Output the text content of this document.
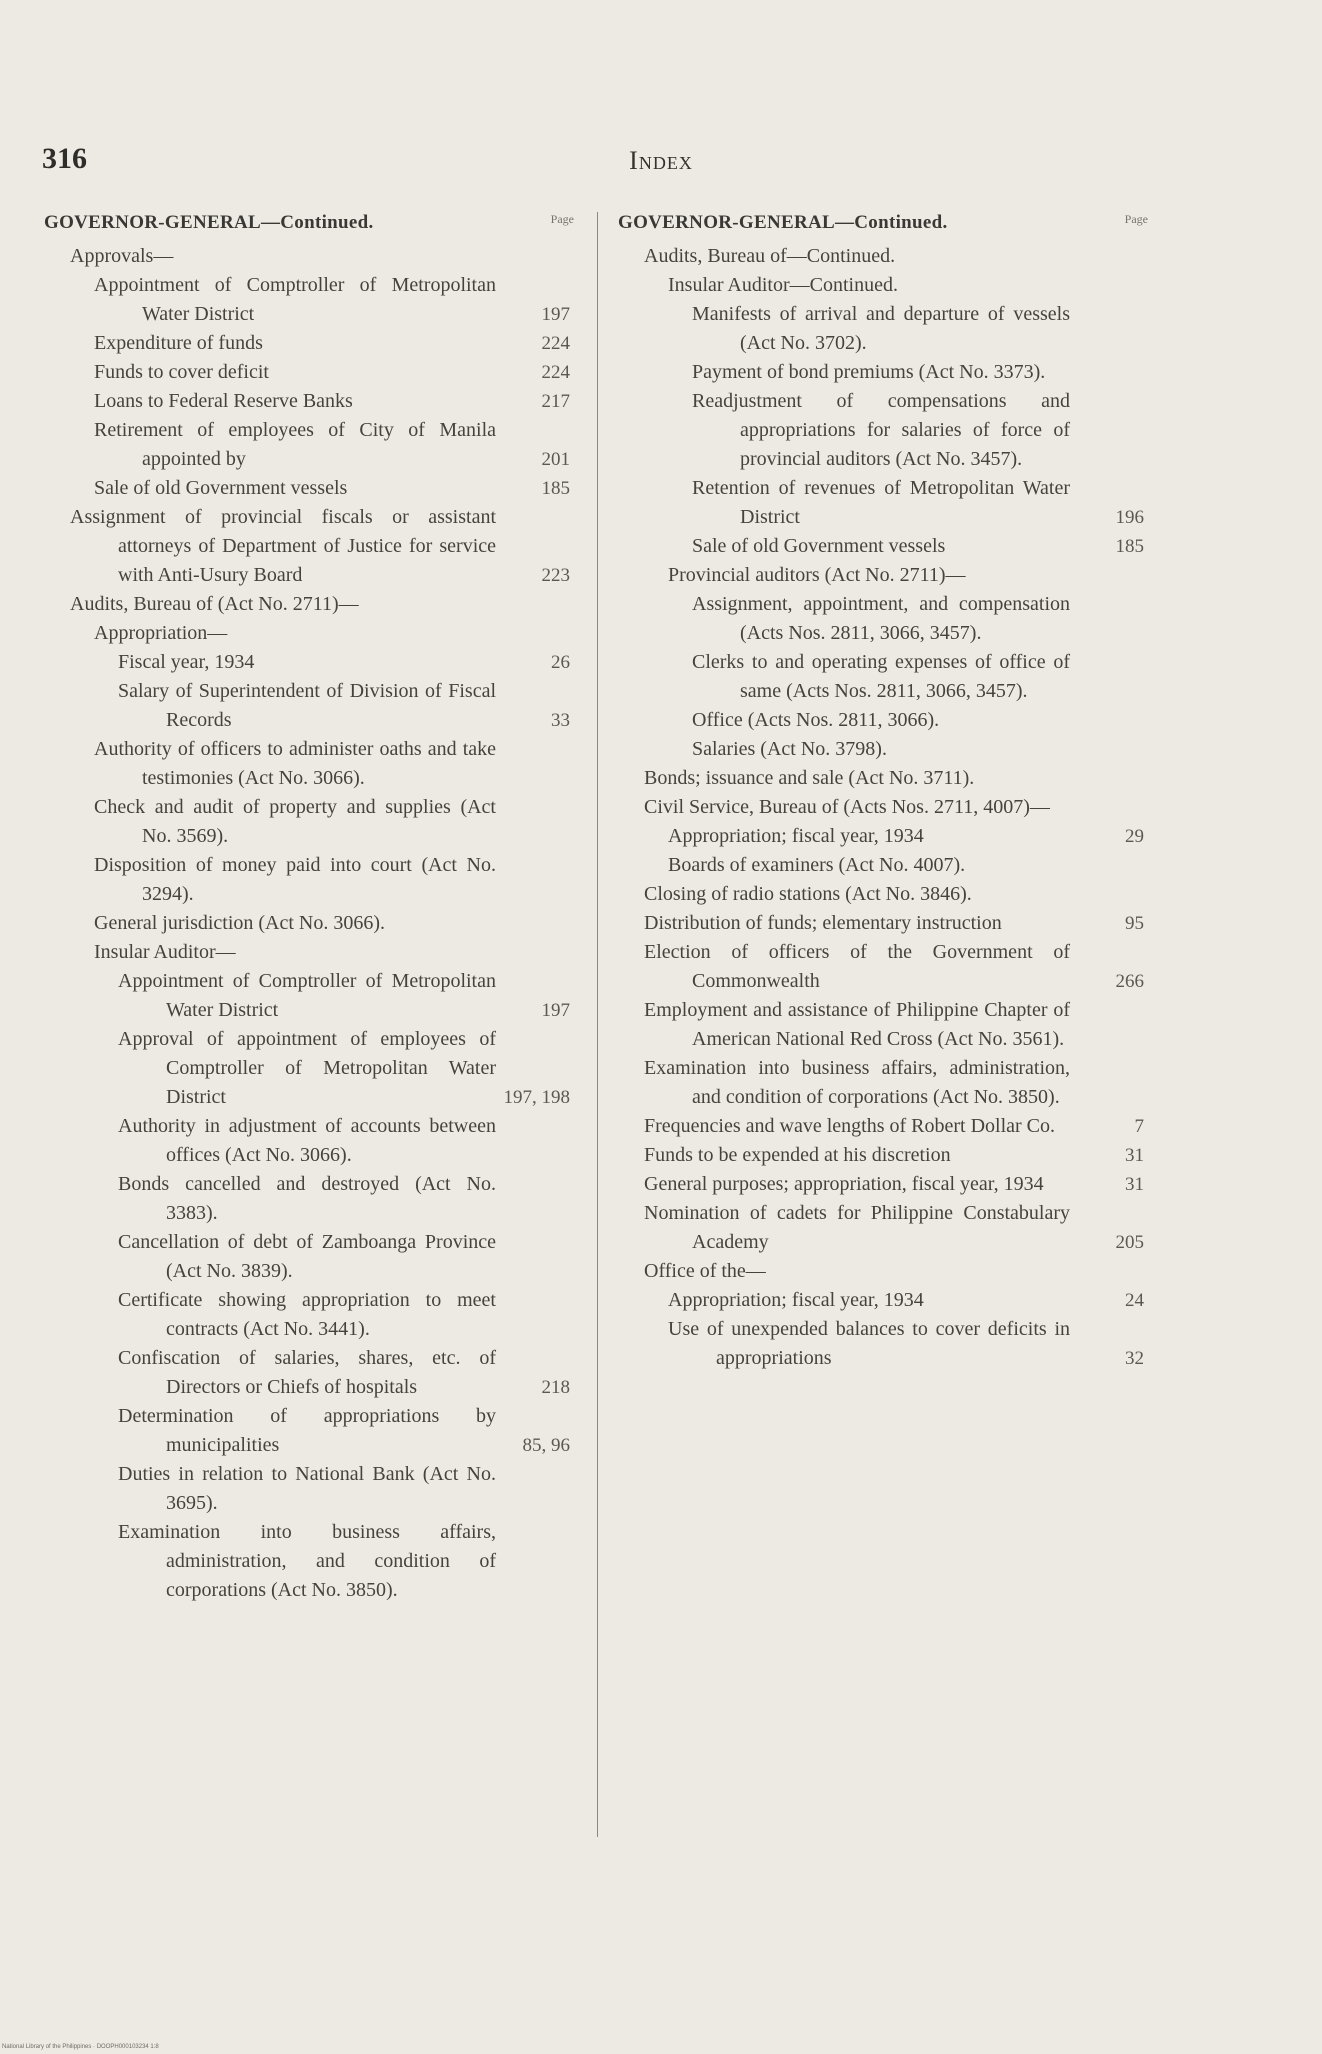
316	Index
GOVERNOR-GENERAL—Continued.	Page
Approvals—
Appointment of Comptroller of Metropolitan Water District	197
Expenditure of funds	224
Funds to cover deficit	224
Loans to Federal Reserve Banks	217
Retirement of employees of City of Manila appointed by	201
Sale of old Government vessels	185
Assignment of provincial fiscals or assistant attorneys of Department of Justice for service with Anti-Usury Board	223
Audits, Bureau of (Act No. 2711)—
Appropriation—
Fiscal year, 1934	26
Salary of Superintendent of Division of Fiscal Records	33
Authority of officers to administer oaths and take testimonies (Act No. 3066).
Check and audit of property and supplies (Act No. 3569).
Disposition of money paid into court (Act No. 3294).
General jurisdiction (Act No. 3066).
Insular Auditor—
Appointment of Comptroller of Metropolitan Water District	197
Approval of appointment of employees of Comptroller of Metropolitan Water District	197, 198
Authority in adjustment of accounts between offices (Act No. 3066).
Bonds cancelled and destroyed (Act No. 3383).
Cancellation of debt of Zamboanga Province (Act No. 3839).
Certificate showing appropriation to meet contracts (Act No. 3441).
Confiscation of salaries, shares, etc. of Directors or Chiefs of hospitals	218
Determination of appropriations by municipalities	85, 96
Duties in relation to National Bank (Act No. 3695).
Examination into business affairs, administration, and condition of corporations (Act No. 3850).
GOVERNOR-GENERAL—Continued.	Page
Audits, Bureau of—Continued.
Insular Auditor—Continued.
Manifests of arrival and departure of vessels (Act No. 3702).
Payment of bond premiums (Act No. 3373).
Readjustment of compensations and appropriations for salaries of force of provincial auditors (Act No. 3457).
Retention of revenues of Metropolitan Water District	196
Sale of old Government vessels	185
Provincial auditors (Act No. 2711)—
Assignment, appointment, and compensation (Acts Nos. 2811, 3066, 3457).
Clerks to and operating expenses of office of same (Acts Nos. 2811, 3066, 3457).
Office (Acts Nos. 2811, 3066).
Salaries (Act No. 3798).
Bonds; issuance and sale (Act No. 3711).
Civil Service, Bureau of (Acts Nos. 2711, 4007)—
Appropriation; fiscal year, 1934	29
Boards of examiners (Act No. 4007).
Closing of radio stations (Act No. 3846).
Distribution of funds; elementary instruction	95
Election of officers of the Government of Commonwealth	266
Employment and assistance of Philippine Chapter of American National Red Cross (Act No. 3561).
Examination into business affairs, administration, and condition of corporations (Act No. 3850).
Frequencies and wave lengths of Robert Dollar Co.	7
Funds to be expended at his discretion	31
General purposes; appropriation, fiscal year, 1934	31
Nomination of cadets for Philippine Constabulary Academy	205
Office of the—
Appropriation; fiscal year, 1934	24
Use of unexpended balances to cover deficits in appropriations	32
National Library of the Philippines · DOOPH000103234 1:8
